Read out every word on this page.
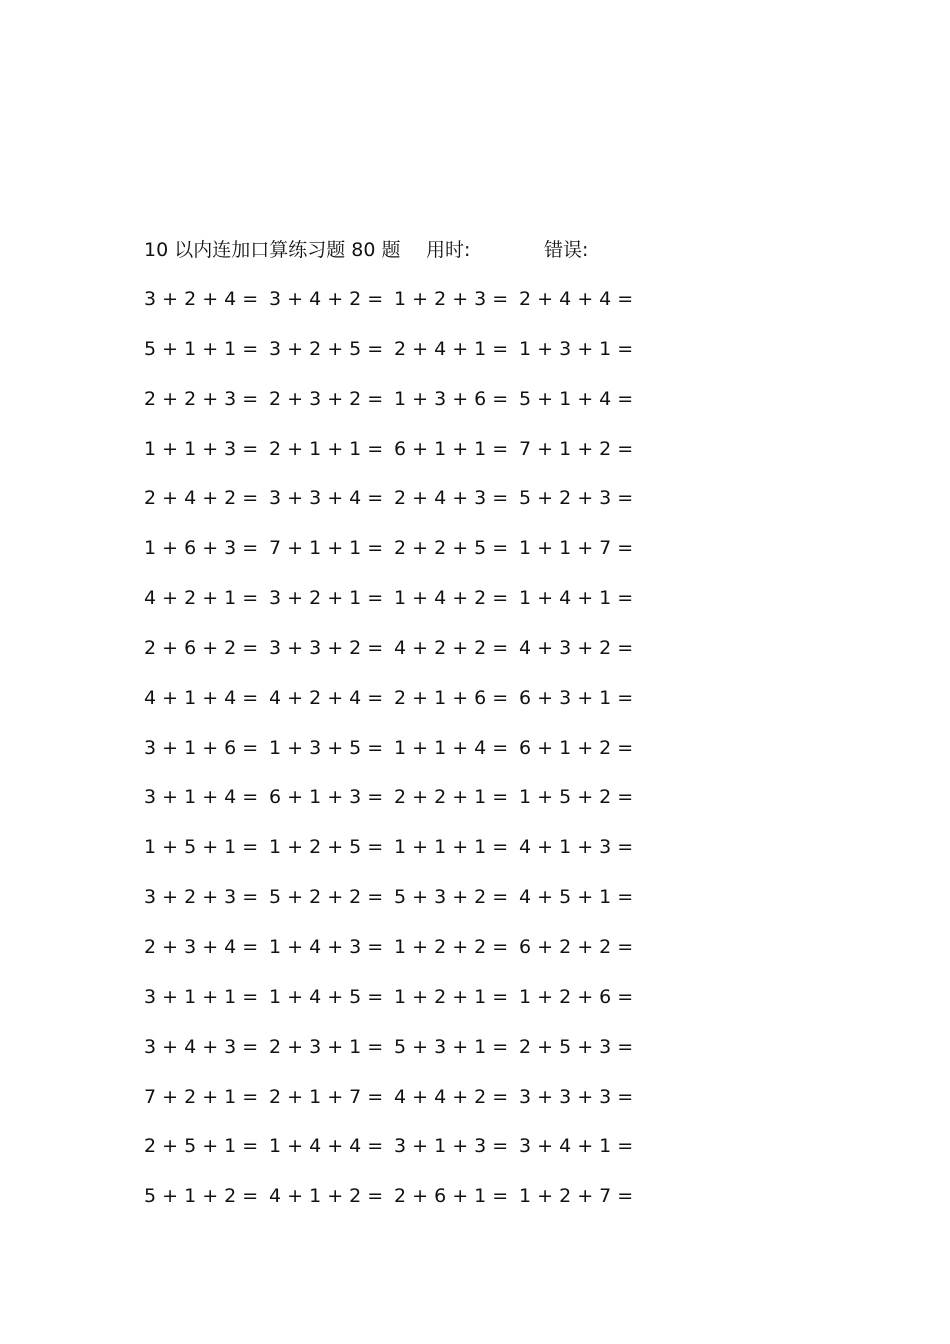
10 以内连加口算练习题 80 题 用时:	错误:
3 + 2 + 4 = 3 + 4 + 2 = 1 + 2 + 3 = 2 + 4 + 4 =
5 + 1 + 1 = 3 + 2 + 5 = 2 + 4 + 1 = 1 + 3 + 1 =
2 + 2 + 3 = 2 + 3 + 2 = 1 + 3 + 6 = 5 + 1 + 4 =
1 + 1 + 3 = 2 + 1 + 1 = 6 + 1 + 1 = 7 + 1 + 2 =
2 + 4 + 2 = 3 + 3 + 4 = 2 + 4 + 3 = 5 + 2 + 3 =
1 + 6 + 3 = 7 + 1 + 1 = 2 + 2 + 5 = 1 + 1 + 7 =
4 + 2 + 1 = 3 + 2 + 1 = 1 + 4 + 2 = 1 + 4 + 1 =
2 + 6 + 2 = 3 + 3 + 2 = 4 + 2 + 2 = 4 + 3 + 2 =
4 + 1 + 4 = 4 + 2 + 4 = 2 + 1 + 6 = 6 + 3 + 1 =
3 + 1 + 6 = 1 + 3 + 5 = 1 + 1 + 4 = 6 + 1 + 2 =
3 + 1 + 4 = 6 + 1 + 3 = 2 + 2 + 1 = 1 + 5 + 2 =
1 + 5 + 1 = 1 + 2 + 5 = 1 + 1 + 1 = 4 + 1 + 3 =
3 + 2 + 3 = 5 + 2 + 2 = 5 + 3 + 2 = 4 + 5 + 1 =
2 + 3 + 4 = 1 + 4 + 3 = 1 + 2 + 2 = 6 + 2 + 2 =
3 + 1 + 1 = 1 + 4 + 5 = 1 + 2 + 1 = 1 + 2 + 6 =
3 + 4 + 3 = 2 + 3 + 1 = 5 + 3 + 1 = 2 + 5 + 3 =
7 + 2 + 1 = 2 + 1 + 7 = 4 + 4 + 2 = 3 + 3 + 3 =
2 + 5 + 1 = 1 + 4 + 4 = 3 + 1 + 3 = 3 + 4 + 1 =
5 + 1 + 2 = 4 + 1 + 2 = 2 + 6 + 1 = 1 + 2 + 7 =
